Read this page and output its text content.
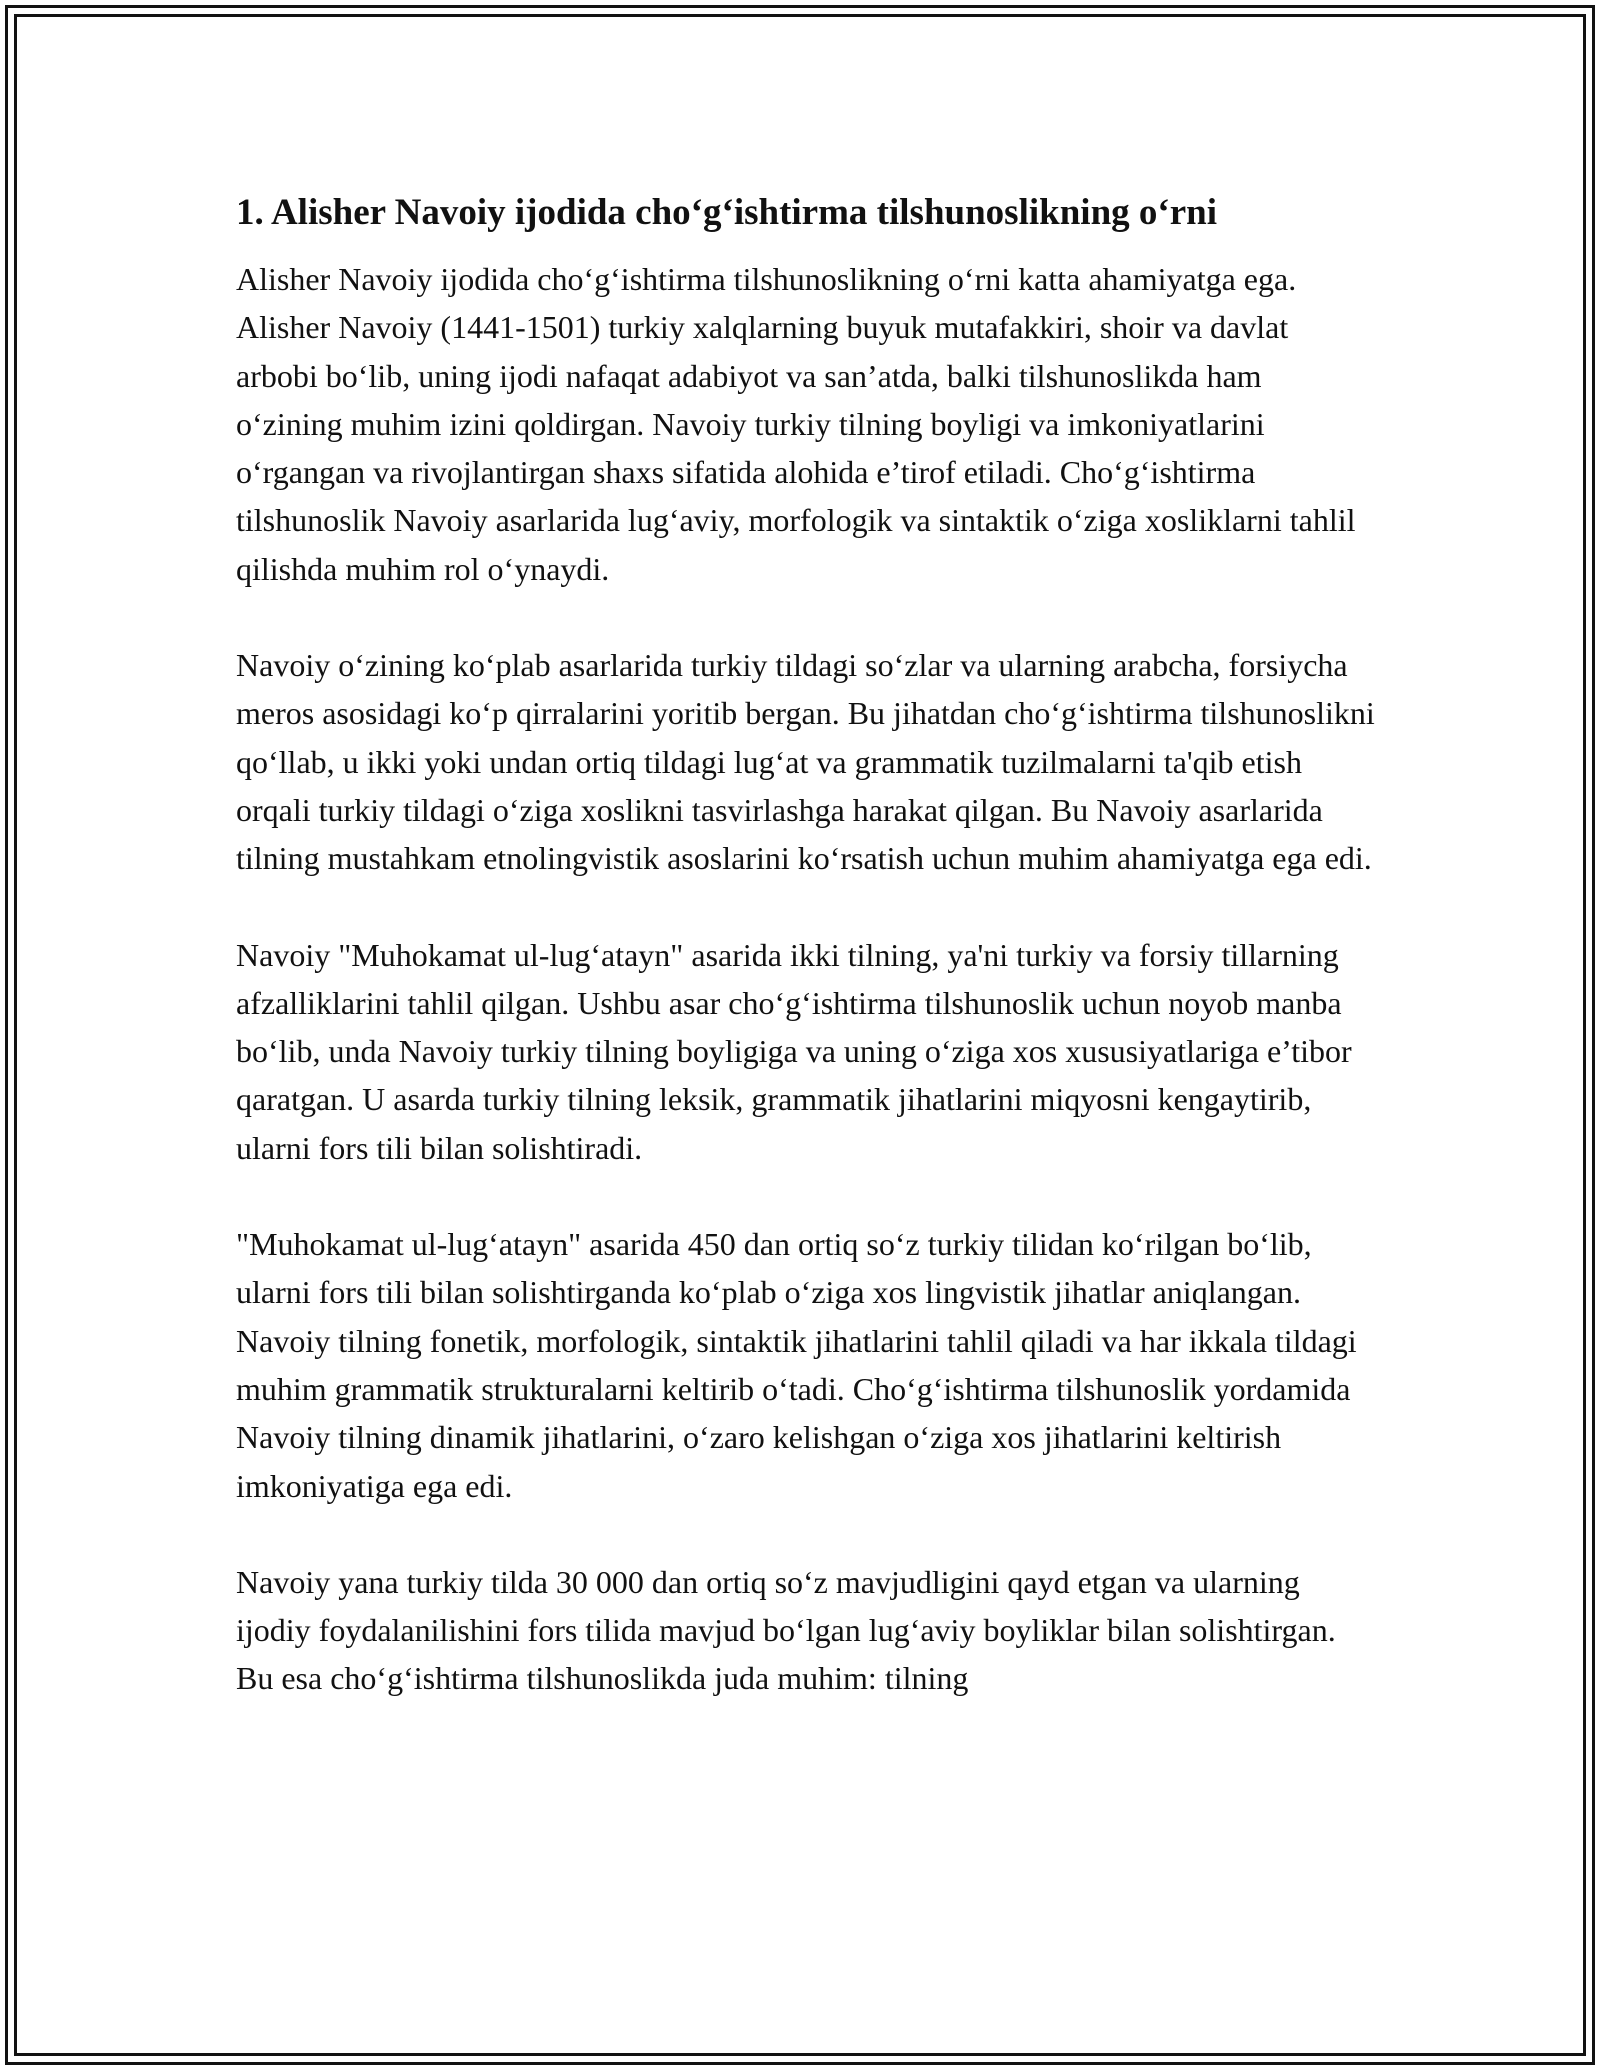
1. Alisher Navoiy ijodida cho‘g‘ishtirma tilshunoslikning o‘rni

Alisher Navoiy ijodida cho‘g‘ishtirma tilshunoslikning o‘rni katta ahamiyatga ega. Alisher Navoiy (1441-1501) turkiy xalqlarning buyuk mutafakkiri, shoir va davlat arbobi bo‘lib, uning ijodi nafaqat adabiyot va san’atda, balki tilshunoslikda ham o‘zining muhim izini qoldirgan. Navoiy turkiy tilning boyligi va imkoniyatlarini o‘rgangan va rivojlantirgan shaxs sifatida alohida e’tirof etiladi. Cho‘g‘ishtirma tilshunoslik Navoiy asarlarida lug‘aviy, morfologik va sintaktik o‘ziga xosliklarni tahlil qilishda muhim rol o‘ynaydi.

Navoiy o‘zining ko‘plab asarlarida turkiy tildagi so‘zlar va ularning arabcha, forsiycha meros asosidagi ko‘p qirralarini yoritib bergan. Bu jihatdan cho‘g‘ishtirma tilshunoslikni qo‘llab, u ikki yoki undan ortiq tildagi lug‘at va grammatik tuzilmalarni ta'qib etish orqali turkiy tildagi o‘ziga xoslikni tasvirlashga harakat qilgan. Bu Navoiy asarlarida tilning mustahkam etnolingvistik asoslarini ko‘rsatish uchun muhim ahamiyatga ega edi.

Navoiy "Muhokamat ul-lug‘atayn" asarida ikki tilning, ya'ni turkiy va forsiy tillarning afzalliklarini tahlil qilgan. Ushbu asar cho‘g‘ishtirma tilshunoslik uchun noyob manba bo‘lib, unda Navoiy turkiy tilning boyligiga va uning o‘ziga xos xususiyatlariga e’tibor qaratgan. U asarda turkiy tilning leksik, grammatik jihatlarini miqyosni kengaytirib, ularni fors tili bilan solishtiradi.

"Muhokamat ul-lug‘atayn" asarida 450 dan ortiq so‘z turkiy tilidan ko‘rilgan bo‘lib, ularni fors tili bilan solishtirganda ko‘plab o‘ziga xos lingvistik jihatlar aniqlangan. Navoiy tilning fonetik, morfologik, sintaktik jihatlarini tahlil qiladi va har ikkala tildagi muhim grammatik strukturalarni keltirib o‘tadi. Cho‘g‘ishtirma tilshunoslik yordamida Navoiy tilning dinamik jihatlarini, o‘zaro kelishgan o‘ziga xos jihatlarini keltirish imkoniyatiga ega edi.

Navoiy yana turkiy tilda 30 000 dan ortiq so‘z mavjudligini qayd etgan va ularning ijodiy foydalanilishini fors tilida mavjud bo‘lgan lug‘aviy boyliklar bilan solishtirgan. Bu esa cho‘g‘ishtirma tilshunoslikda juda muhim: tilning
